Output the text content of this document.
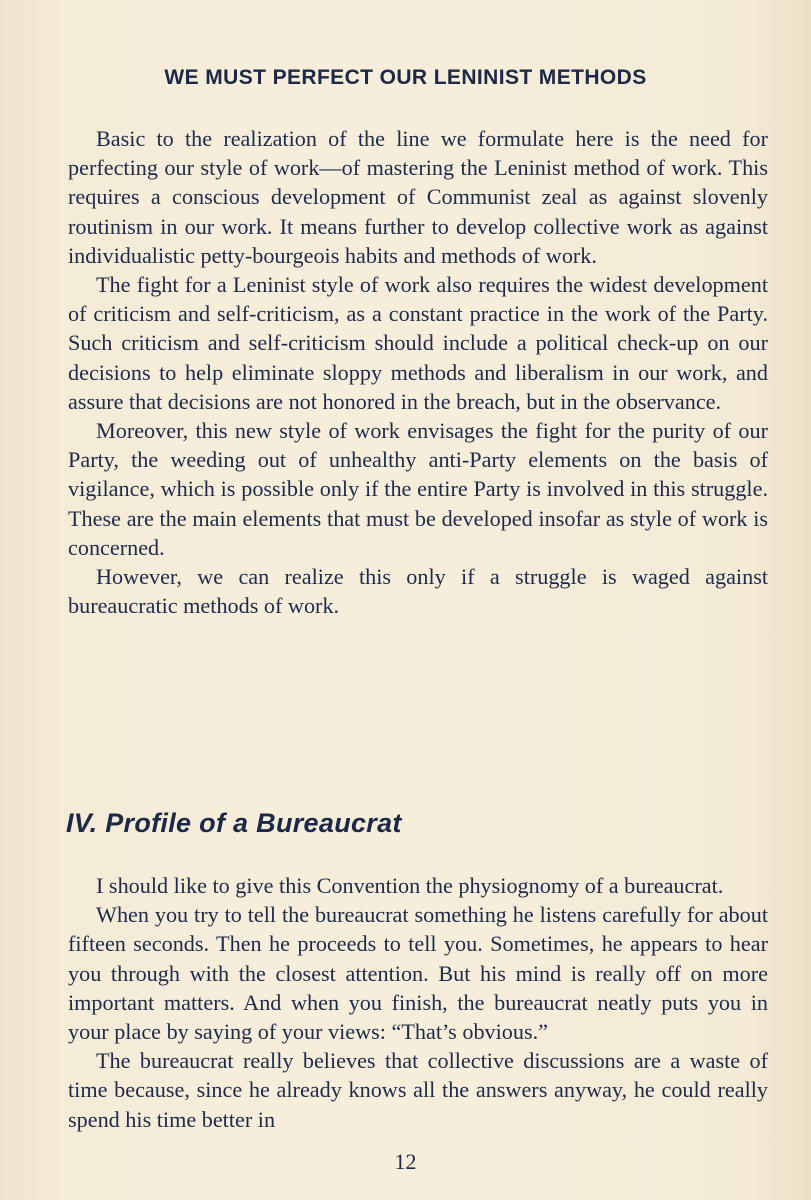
WE MUST PERFECT OUR LENINIST METHODS

Basic to the realization of the line we formulate here is the need for perfecting our style of work—of mastering the Leninist method of work. This requires a conscious development of Communist zeal as against slovenly routinism in our work. It means further to develop collective work as against individualistic petty-bourgeois habits and methods of work.

The fight for a Leninist style of work also requires the widest development of criticism and self-criticism, as a constant practice in the work of the Party. Such criticism and self-criticism should include a political check-up on our decisions to help eliminate sloppy methods and liberalism in our work, and assure that decisions are not honored in the breach, but in the observance.

Moreover, this new style of work envisages the fight for the purity of our Party, the weeding out of unhealthy anti-Party elements on the basis of vigilance, which is possible only if the entire Party is involved in this struggle. These are the main elements that must be developed insofar as style of work is concerned.

However, we can realize this only if a struggle is waged against bureaucratic methods of work.

IV. Profile of a Bureaucrat

I should like to give this Convention the physiognomy of a bureaucrat.

When you try to tell the bureaucrat something he listens carefully for about fifteen seconds. Then he proceeds to tell you. Sometimes, he appears to hear you through with the closest attention. But his mind is really off on more important matters. And when you finish, the bureaucrat neatly puts you in your place by saying of your views: “That’s obvious.”

The bureaucrat really believes that collective discussions are a waste of time because, since he already knows all the answers anyway, he could really spend his time better in

12
